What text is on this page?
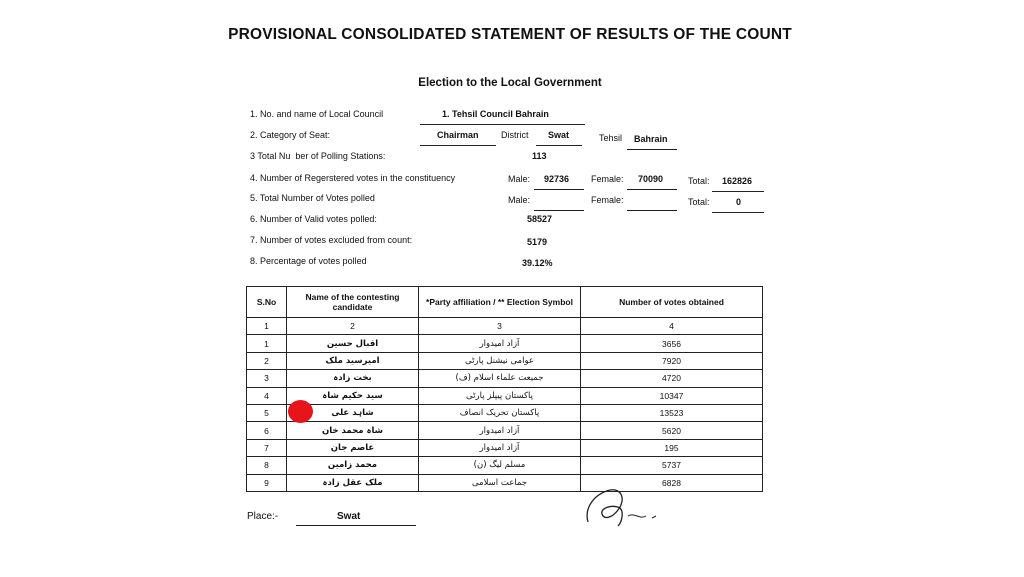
PROVISIONAL CONSOLIDATED STATEMENT OF RESULTS OF THE COUNT
Election to the Local Government
1. No. and name of Local Council	1. Tehsil Council Bahrain
2. Category of Seat:	Chairman District Swat	Tehsil Bahrain
3 Total Nu  ber of Polling Stations:	113
4. Number of Regerstered votes in the constituency	Male: 92736 Female: 70090	Total: 162826
5. Total Number of Votes polled	Male:	Female:	Total:	0
6. Number of Valid votes polled:	58527
7. Number of votes excluded from count:	5179
8. Percentage of votes polled	39.12%
S.No	Name of the contesting candidate	*Party affiliation / ** Election Symbol	Number of votes obtained
1	2	3	4
1	اقبال حسین	آزاد امیدوار	3656
2	امیرسید ملک	عوامی نیشنل پارٹی	7920
3	بخت زادہ	جمیعت علماء اسلام (ف)	4720
4	سید حکیم شاہ	پاکستان پیپلز پارٹی	10347
5	شاہد علی	پاکستان تحریک انصاف	13523
6	شاہ محمد خان	آزاد امیدوار	5620
7	عاصم جان	آزاد امیدوار	195
8	محمد زامین	مسلم لیگ (ن)	5737
9	ملک عقل زادہ	جماعت اسلامی	6828
Place:-	Swat
